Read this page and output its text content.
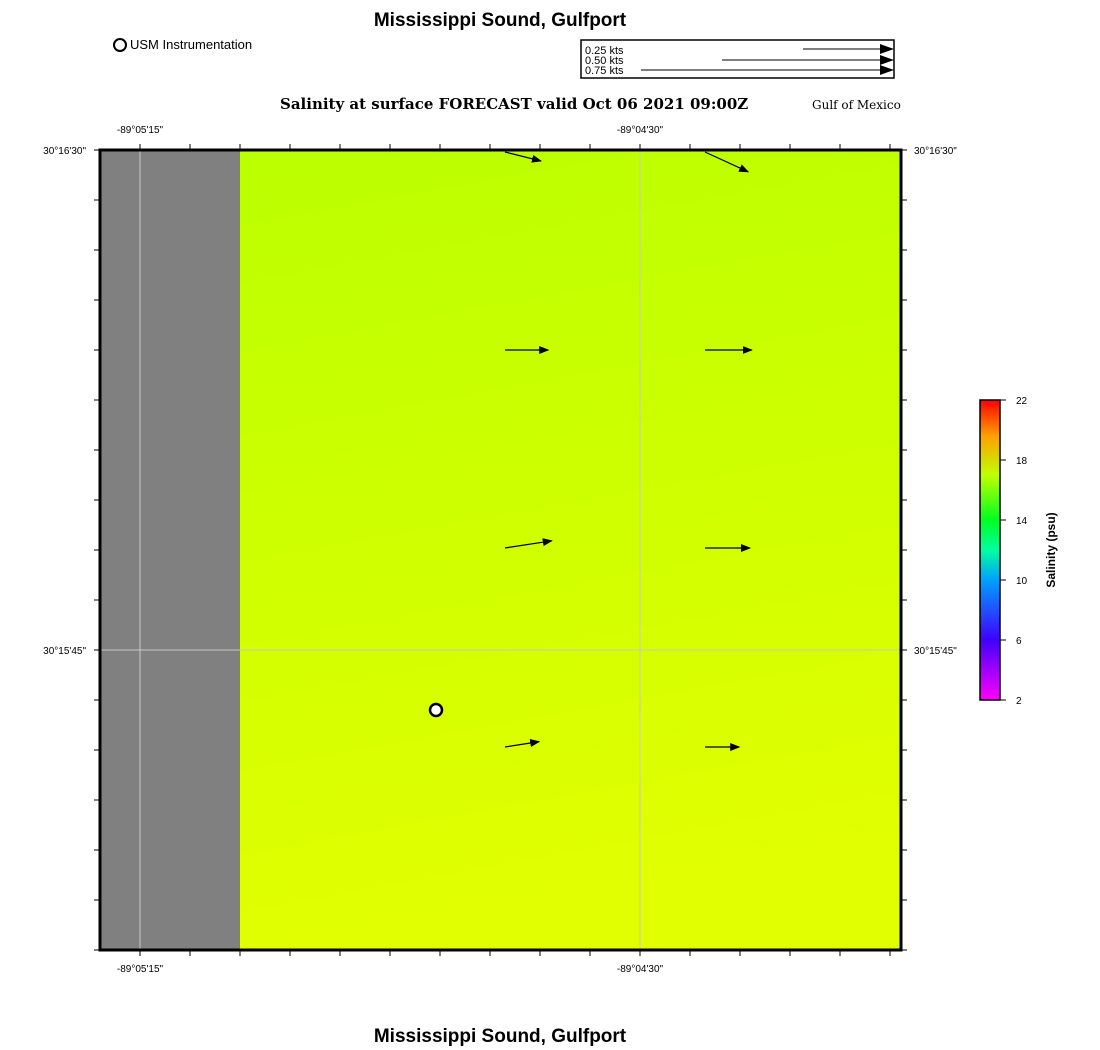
Mississippi Sound, Gulfport
USM Instrumentation
Salinity at surface FORECAST valid Oct 06 2021 09:00Z	Gulf of Mexico
0.25 kts
0.50 kts
0.75 kts
-89°05'15"	-89°04'30"
-89°05'15"	-89°04'30"
30°16'30"
30°15'45"
30°16'30"
30°15'45"
22
18
14
10
6
2
Salinity (psu)
Mississippi Sound, Gulfport
